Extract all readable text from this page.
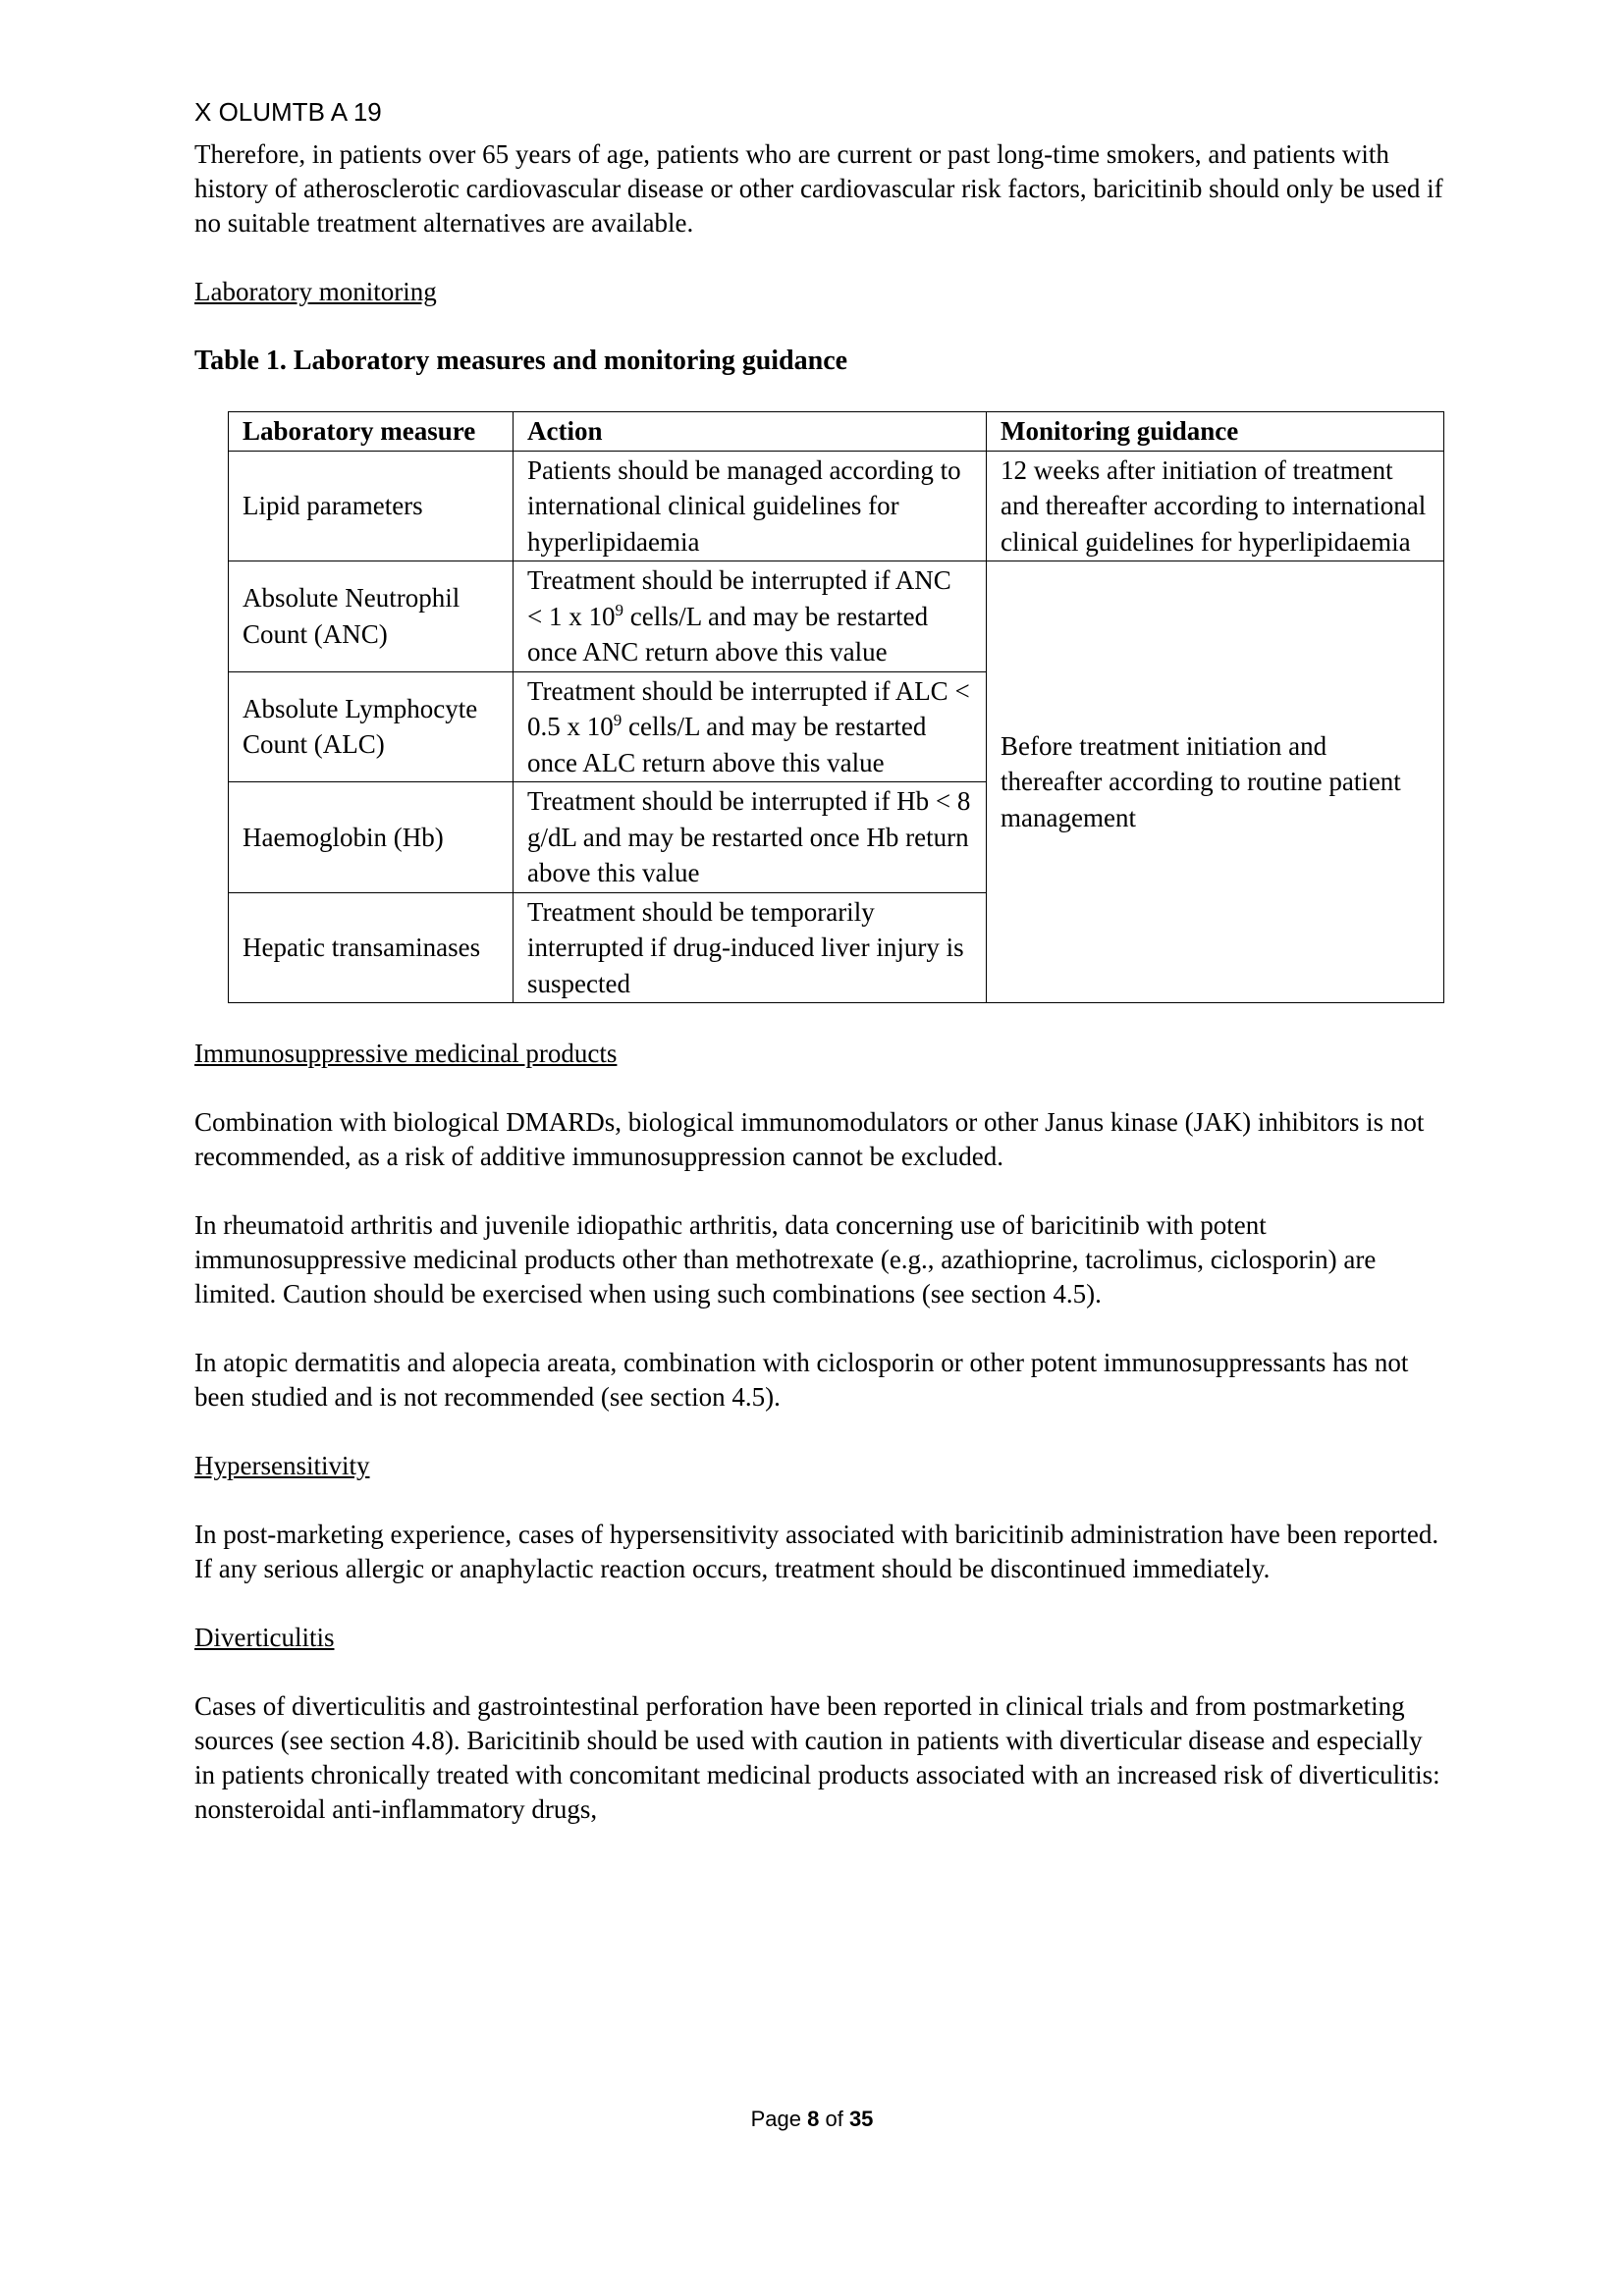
X OLUMTB A 19

Therefore, in patients over 65 years of age, patients who are current or past long-time smokers, and patients with history of atherosclerotic cardiovascular disease or other cardiovascular risk factors, baricitinib should only be used if no suitable treatment alternatives are available.

Laboratory monitoring

Table 1. Laboratory measures and monitoring guidance

Laboratory measure	Action	Monitoring guidance
Lipid parameters	Patients should be managed according to international clinical guidelines for hyperlipidaemia	12 weeks after initiation of treatment and thereafter according to international clinical guidelines for hyperlipidaemia
Absolute Neutrophil Count (ANC)	Treatment should be interrupted if ANC < 1 x $10^9$ cells/L and may be restarted once ANC return above this value	Before treatment initiation and thereafter according to routine patient management
Absolute Lymphocyte Count (ALC)	Treatment should be interrupted if ALC < 0.5 x $10^9$ cells/L and may be restarted once ALC return above this value	
Haemoglobin (Hb)	Treatment should be interrupted if Hb < 8 g/dL and may be restarted once Hb return above this value	
Hepatic transaminases	Treatment should be temporarily interrupted if drug-induced liver injury is suspected	

Immunosuppressive medicinal products

Combination with biological DMARDs, biological immunomodulators or other Janus kinase (JAK) inhibitors is not recommended, as a risk of additive immunosuppression cannot be excluded.

In rheumatoid arthritis and juvenile idiopathic arthritis, data concerning use of baricitinib with potent immunosuppressive medicinal products other than methotrexate (e.g., azathioprine, tacrolimus, ciclosporin) are limited. Caution should be exercised when using such combinations (see section 4.5).

In atopic dermatitis and alopecia areata, combination with ciclosporin or other potent immunosuppressants has not been studied and is not recommended (see section 4.5).

Hypersensitivity

In post-marketing experience, cases of hypersensitivity associated with baricitinib administration have been reported. If any serious allergic or anaphylactic reaction occurs, treatment should be discontinued immediately.

Diverticulitis

Cases of diverticulitis and gastrointestinal perforation have been reported in clinical trials and from postmarketing sources (see section 4.8). Baricitinib should be used with caution in patients with diverticular disease and especially in patients chronically treated with concomitant medicinal products associated with an increased risk of diverticulitis: nonsteroidal anti-inflammatory drugs,

Page 8 of 35
